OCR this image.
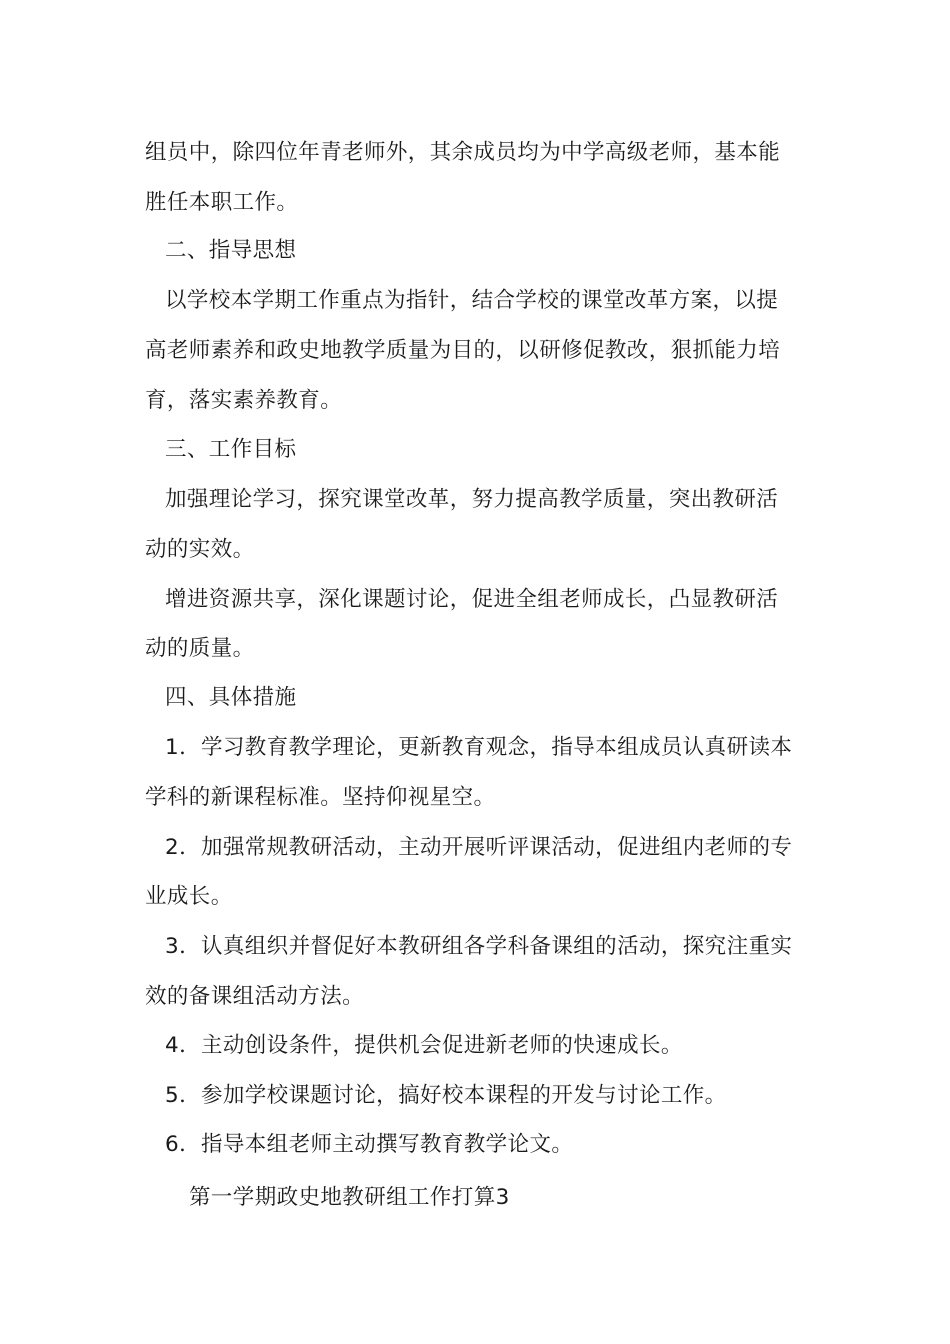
组员中，除四位年青老师外，其余成员均为中学高级老师，基本能
胜任本职工作。
二、指导思想
以学校本学期工作重点为指针，结合学校的课堂改革方案，以提
高老师素养和政史地教学质量为目的，以研修促教改，狠抓能力培
育，落实素养教育。
三、工作目标
加强理论学习，探究课堂改革，努力提高教学质量，突出教研活
动的实效。
增进资源共享，深化课题讨论，促进全组老师成长，凸显教研活
动的质量。
四、具体措施
1．学习教育教学理论，更新教育观念，指导本组成员认真研读本
学科的新课程标准。坚持仰视星空。
2．加强常规教研活动，主动开展听评课活动，促进组内老师的专
业成长。
3．认真组织并督促好本教研组各学科备课组的活动，探究注重实
效的备课组活动方法。
4．主动创设条件，提供机会促进新老师的快速成长。
5．参加学校课题讨论，搞好校本课程的开发与讨论工作。
6．指导本组老师主动撰写教育教学论文。
第一学期政史地教研组工作打算3
